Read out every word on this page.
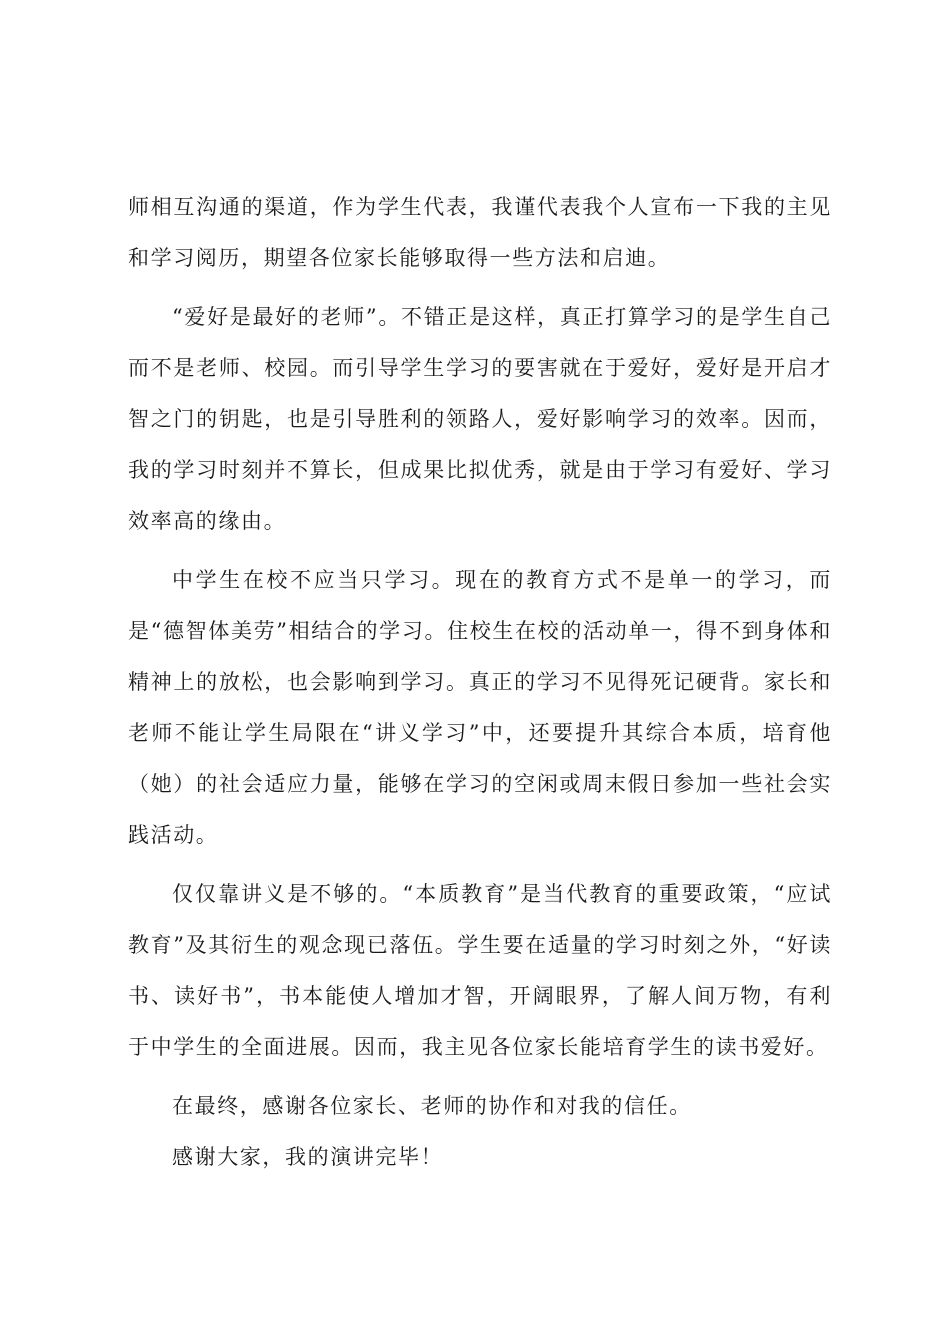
师相互沟通的渠道，作为学生代表，我谨代表我个人宣布一下我的主见和学习阅历，期望各位家长能够取得一些方法和启迪。

“爱好是最好的老师”。不错正是这样，真正打算学习的是学生自己而不是老师、校园。而引导学生学习的要害就在于爱好，爱好是开启才智之门的钥匙，也是引导胜利的领路人，爱好影响学习的效率。因而，我的学习时刻并不算长，但成果比拟优秀，就是由于学习有爱好、学习效率高的缘由。

中学生在校不应当只学习。现在的教育方式不是单一的学习，而是“德智体美劳”相结合的学习。住校生在校的活动单一，得不到身体和精神上的放松，也会影响到学习。真正的学习不见得死记硬背。家长和老师不能让学生局限在“讲义学习”中，还要提升其综合本质，培育他（她）的社会适应力量，能够在学习的空闲或周末假日参加一些社会实践活动。

仅仅靠讲义是不够的。“本质教育”是当代教育的重要政策，“应试教育”及其衍生的观念现已落伍。学生要在适量的学习时刻之外，“好读书、读好书”，书本能使人增加才智，开阔眼界，了解人间万物，有利于中学生的全面进展。因而，我主见各位家长能培育学生的读书爱好。

在最终，感谢各位家长、老师的协作和对我的信任。

感谢大家，我的演讲完毕！
